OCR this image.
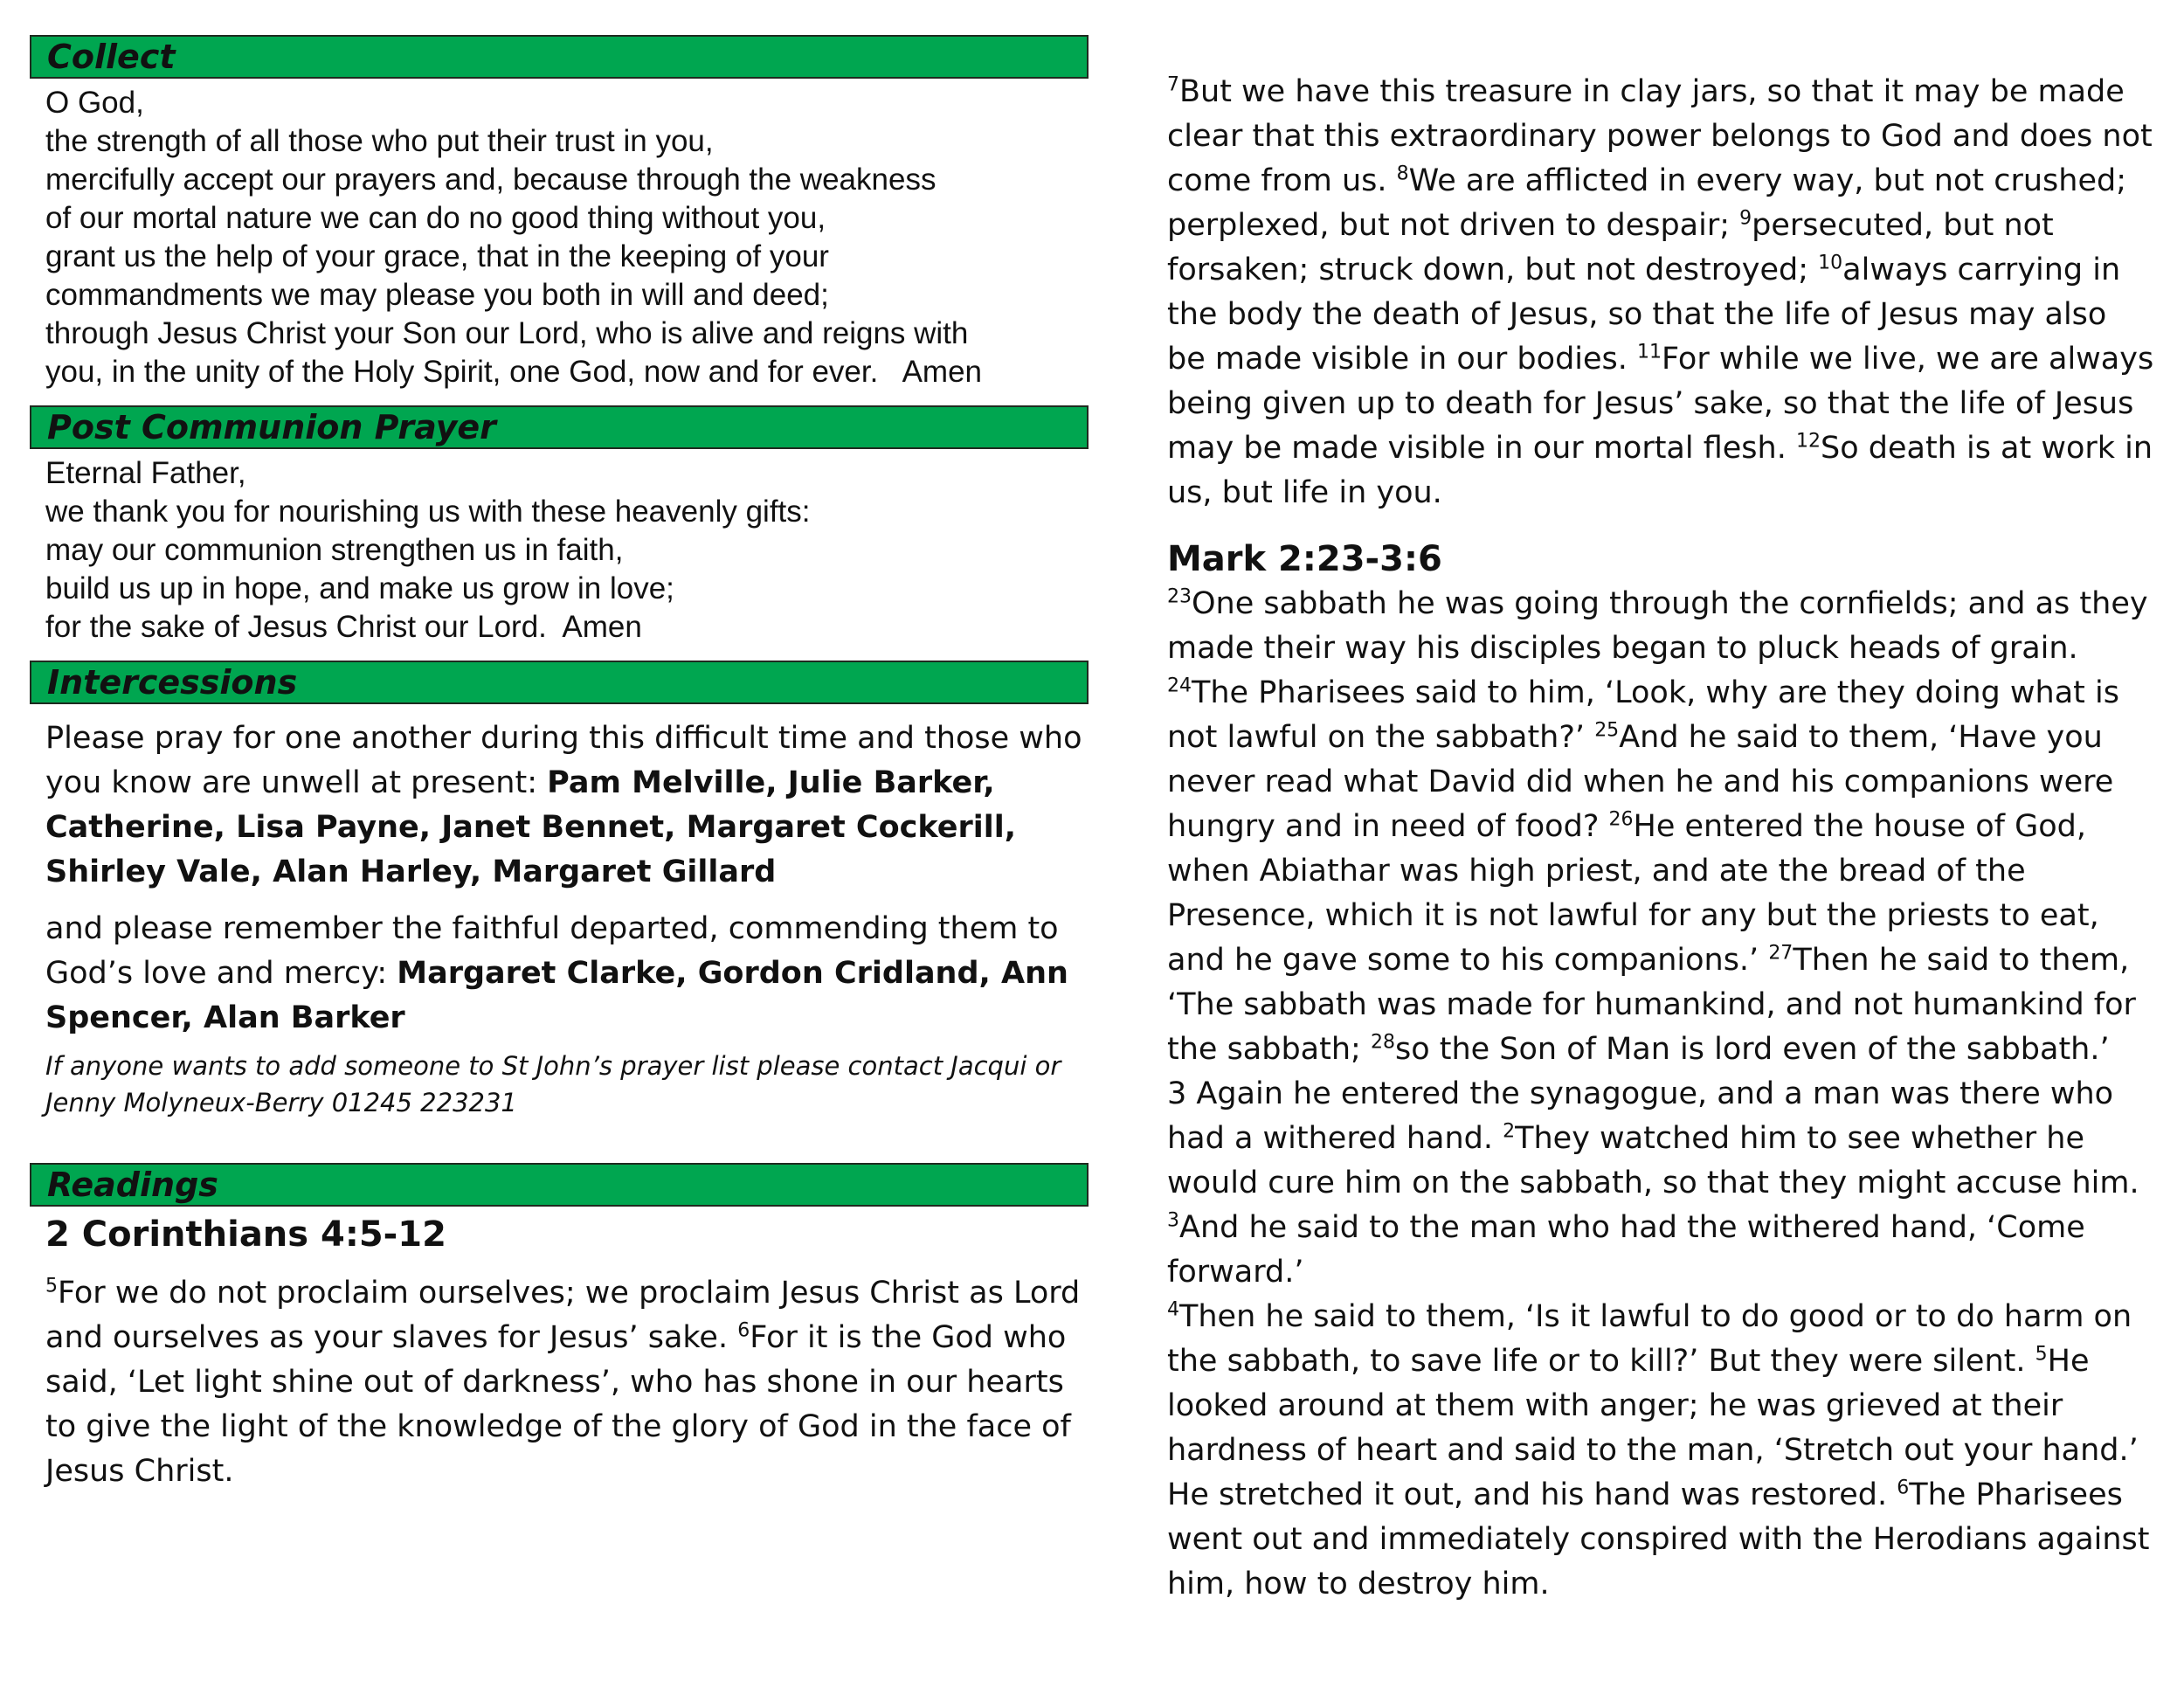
Collect
O God,
the strength of all those who put their trust in you,
mercifully accept our prayers and, because through the weakness
of our mortal nature we can do no good thing without you,
grant us the help of your grace, that in the keeping of your
commandments we may please you both in will and deed;
through Jesus Christ your Son our Lord, who is alive and reigns with
you, in the unity of the Holy Spirit, one God, now and for ever.   Amen
Post Communion Prayer
Eternal Father,
we thank you for nourishing us with these heavenly gifts:
may our communion strengthen us in faith,
build us up in hope, and make us grow in love;
for the sake of Jesus Christ our Lord.  Amen
Intercessions

Please pray for one another during this difficult time and those who you know are unwell at present: Pam Melville, Julie Barker, Catherine, Lisa Payne, Janet Bennet, Margaret Cockerill, Shirley Vale, Alan Harley, Margaret Gillard

and please remember the faithful departed, commending them to God’s love and mercy: Margaret Clarke, Gordon Cridland, Ann Spencer, Alan Barker

If anyone wants to add someone to St John’s prayer list please contact Jacqui or Jenny Molyneux-Berry 01245 223231

Readings
2 Corinthians 4:5-12

$^5$For we do not proclaim ourselves; we proclaim Jesus Christ as Lord and ourselves as your slaves for Jesus’ sake. $^6$For it is the God who said, ‘Let light shine out of darkness’, who has shone in our hearts to give the light of the knowledge of the glory of God in the face of Jesus Christ.

$^7$But we have this treasure in clay jars, so that it may be made clear that this extraordinary power belongs to God and does not come from us. $^8$We are afflicted in every way, but not crushed; perplexed, but not driven to despair; $^9$persecuted, but not forsaken; struck down, but not destroyed; $^{10}$always carrying in the body the death of Jesus, so that the life of Jesus may also be made visible in our bodies. $^{11}$For while we live, we are always being given up to death for Jesus’ sake, so that the life of Jesus may be made visible in our mortal flesh. $^{12}$So death is at work in us, but life in you.

Mark 2:23-3:6

$^{23}$One sabbath he was going through the cornfields; and as they made their way his disciples began to pluck heads of grain. $^{24}$The Pharisees said to him, ‘Look, why are they doing what is not lawful on the sabbath?’ $^{25}$And he said to them, ‘Have you never read what David did when he and his companions were hungry and in need of food? $^{26}$He entered the house of God, when Abiathar was high priest, and ate the bread of the Presence, which it is not lawful for any but the priests to eat, and he gave some to his companions.’ $^{27}$Then he said to them, ‘The sabbath was made for humankind, and not humankind for the sabbath; $^{28}$so the Son of Man is lord even of the sabbath.’

3 Again he entered the synagogue, and a man was there who had a withered hand. $^2$They watched him to see whether he would cure him on the sabbath, so that they might accuse him. $^3$And he said to the man who had the withered hand, ‘Come forward.’

$^4$Then he said to them, ‘Is it lawful to do good or to do harm on the sabbath, to save life or to kill?’ But they were silent. $^5$He looked around at them with anger; he was grieved at their hardness of heart and said to the man, ‘Stretch out your hand.’ He stretched it out, and his hand was restored. $^6$The Pharisees went out and immediately conspired with the Herodians against him, how to destroy him.
